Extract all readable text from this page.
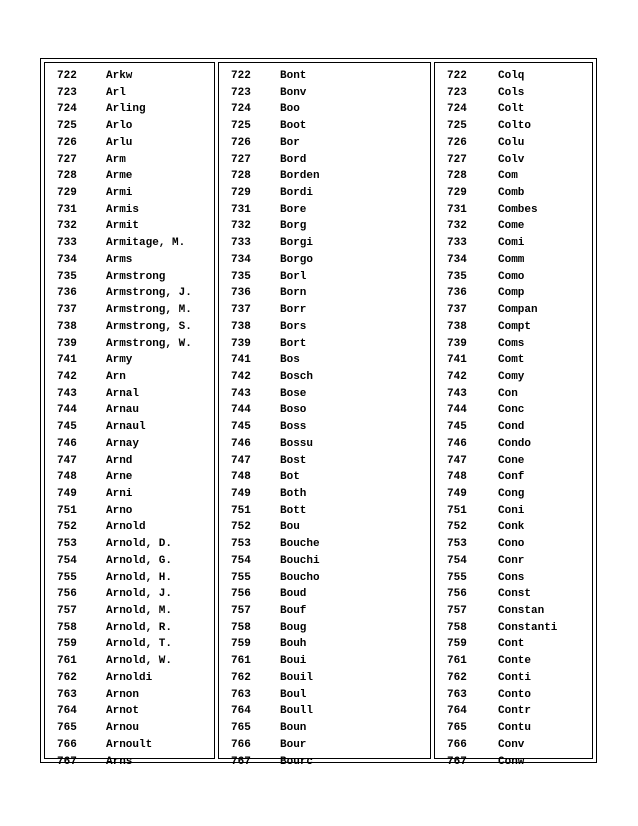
722	Arkw
723	Arl
724	Arling
725	Arlo
726	Arlu
727	Arm
728	Arme
729	Armi
731	Armis
732	Armit
733	Armitage, M.
734	Arms
735	Armstrong
736	Armstrong, J.
737	Armstrong, M.
738	Armstrong, S.
739	Armstrong, W.
741	Army
742	Arn
743	Arnal
744	Arnau
745	Arnaul
746	Arnay
747	Arnd
748	Arne
749	Arni
751	Arno
752	Arnold
753	Arnold, D.
754	Arnold, G.
755	Arnold, H.
756	Arnold, J.
757	Arnold, M.
758	Arnold, R.
759	Arnold, T.
761	Arnold, W.
762	Arnoldi
763	Arnon
764	Arnot
765	Arnou
766	Arnoult
767	Arns
722	Bont
723	Bonv
724	Boo
725	Boot
726	Bor
727	Bord
728	Borden
729	Bordi
731	Bore
732	Borg
733	Borgi
734	Borgo
735	Borl
736	Born
737	Borr
738	Bors
739	Bort
741	Bos
742	Bosch
743	Bose
744	Boso
745	Boss
746	Bossu
747	Bost
748	Bot
749	Both
751	Bott
752	Bou
753	Bouche
754	Bouchi
755	Boucho
756	Boud
757	Bouf
758	Boug
759	Bouh
761	Boui
762	Bouil
763	Boul
764	Boull
765	Boun
766	Bour
767	Bourc
722	Colq
723	Cols
724	Colt
725	Colto
726	Colu
727	Colv
728	Com
729	Comb
731	Combes
732	Come
733	Comi
734	Comm
735	Como
736	Comp
737	Compan
738	Compt
739	Coms
741	Comt
742	Comy
743	Con
744	Conc
745	Cond
746	Condo
747	Cone
748	Conf
749	Cong
751	Coni
752	Conk
753	Cono
754	Conr
755	Cons
756	Const
757	Constan
758	Constanti
759	Cont
761	Conte
762	Conti
763	Conto
764	Contr
765	Contu
766	Conv
767	Conw
